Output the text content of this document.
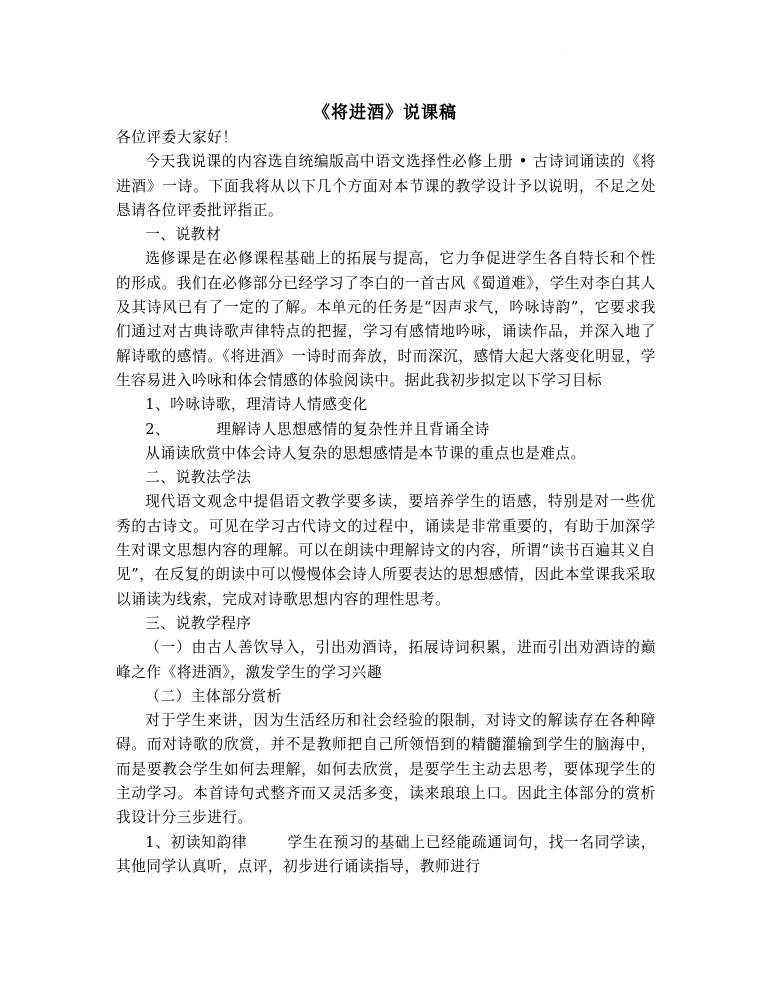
.
《将进酒》说课稿

各位评委大家好！

今天我说课的内容选自统编版高中语文选择性必修上册 • 古诗词诵读的《将进酒》一诗。下面我将从以下几个方面对本节课的教学设计予以说明，不足之处恳请各位评委批评指正。

一、说教材

选修课是在必修课程基础上的拓展与提高，它力争促进学生各自特长和个性的形成。我们在必修部分已经学习了李白的一首古风《蜀道难》，学生对李白其人及其诗风已有了一定的了解。本单元的任务是“因声求气，吟咏诗韵”，它要求我们通过对古典诗歌声律特点的把握，学习有感情地吟咏，诵读作品，并深入地了解诗歌的感情。《将进酒》一诗时而奔放，时而深沉，感情大起大落变化明显，学生容易进入吟咏和体会情感的体验阅读中。据此我初步拟定以下学习目标

1、吟咏诗歌，理清诗人情感变化

2、	理解诗人思想感情的复杂性并且背诵全诗

从诵读欣赏中体会诗人复杂的思想感情是本节课的重点也是难点。

二、说教法学法

现代语文观念中提倡语文教学要多读，要培养学生的语感，特别是对一些优秀的古诗文。可见在学习古代诗文的过程中，诵读是非常重要的，有助于加深学生对课文思想内容的理解。可以在朗读中理解诗文的内容，所谓“读书百遍其义自见”，在反复的朗读中可以慢慢体会诗人所要表达的思想感情，因此本堂课我采取以诵读为线索，完成对诗歌思想内容的理性思考。

三、说教学程序

（一）由古人善饮导入，引出劝酒诗，拓展诗词积累，进而引出劝酒诗的巅峰之作《将进酒》，激发学生的学习兴趣

（二）主体部分赏析

对于学生来讲，因为生活经历和社会经验的限制，对诗文的解读存在各种障碍。而对诗歌的欣赏，并不是教师把自己所领悟到的精髓灌输到学生的脑海中，而是要教会学生如何去理解，如何去欣赏，是要学生主动去思考，要体现学生的主动学习。本首诗句式整齐而又灵活多变，读来琅琅上口。因此主体部分的赏析我设计分三步进行。

1、初读知韵律	学生在预习的基础上已经能疏通词句，找一名同学读，其他同学认真听，点评，初步进行诵读指导，教师进行
